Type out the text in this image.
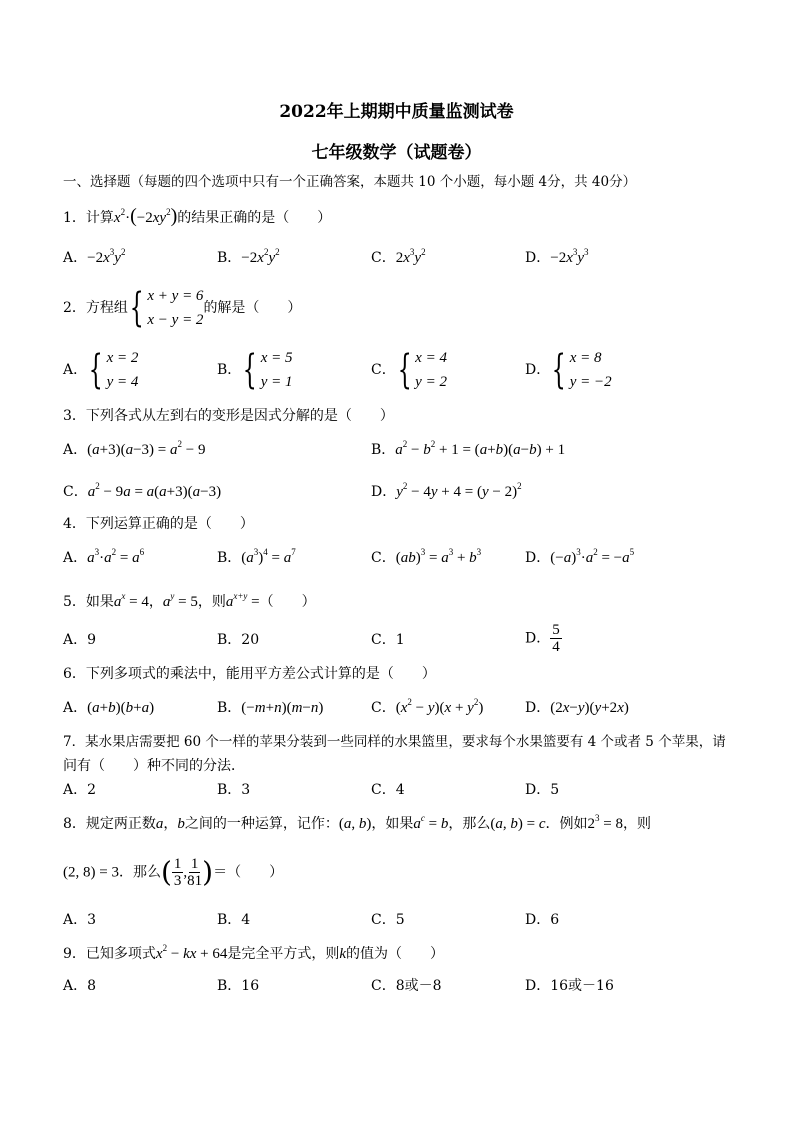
2022年上期期中质量监测试卷
七年级数学（试题卷）
一、选择题（每题的四个选项中只有一个正确答案，本题共 10 个小题，每小题 4分，共 40分）
1．计算$x^2\cdot(-2xy^2)$的结果正确的是（　　）
A．$-2x^3y^2$	B．$-2x^2y^2$	C．$2x^3y^2$	D．$-2x^3y^3$
2．方程组 { x + y = 6
x − y = 2
的解是（　　）
A． { x = 2
y = 4
B． { x = 5
y = 1
C． { x = 4
y = 2
D． { x = 8
y = −2
3．下列各式从左到右的变形是因式分解的是（　　）
A．$(a+3)(a-3) = a^2 - 9$	B．$a^2 - b^2 + 1 = (a+b)(a-b) + 1$
C．$a^2 - 9a = a(a+3)(a-3)$	D．$y^2 - 4y + 4 = (y - 2)^2$
4．下列运算正确的是（　　）
A．$a^3\cdot a^2 = a^6$	B．$(a^3)^4 = a^7$	C．$(ab)^3 = a^3 + b^3$	D．$(-a)^3\cdot a^2 = -a^5$
5．如果$a^x = 4$，$a^y = 5$，则$a^{x+y}$ =（　　）
A．9	B．20	C．1	D． $\frac{5}{4}$
6．下列多项式的乘法中，能用平方差公式计算的是（　　）
A．(a+b)(b+a)	B．(−m+n)(m−n)	C．$(x^2 - y)(x + y^2)$	D．(2x−y)(y+2x)
7．某水果店需要把 60 个一样的苹果分装到一些同样的水果篮里，要求每个水果篮要有 4 个或者 5 个苹果，请
问有（　　）种不同的分法．
A．2	B．3	C．4	D．5
8．规定两正数a，b之间的一种运算，记作：(a, b)，如果$a^c = b$，那么(a, b) = c．例如$2^3 = 8$，则
(2, 8) = 3．那么( $\frac{1}{3}$ , $\frac{1}{81}$ )＝（　　）
A．3	B．4	C．5	D．6
9．已知多项式$x^2$ − kx + 64是完全平方式，则k的值为（　　）
A．8	B．16	C．8或－8	D．16或－16
